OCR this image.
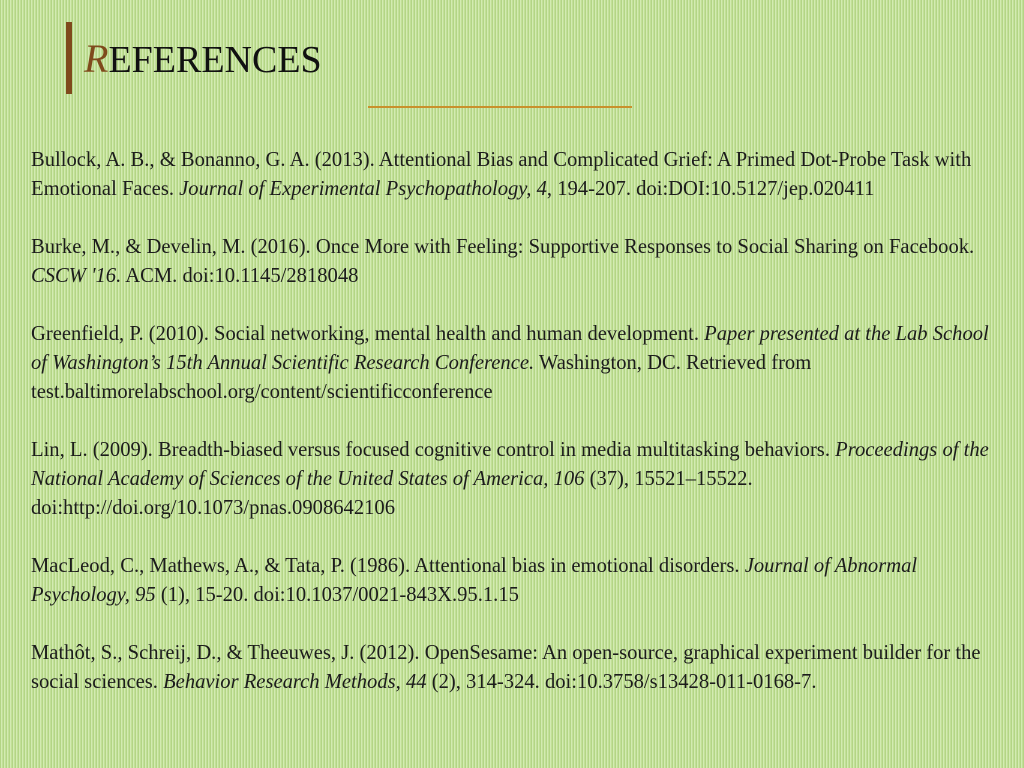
REFERENCES

Bullock, A. B., & Bonanno, G. A. (2013). Attentional Bias and Complicated Grief: A Primed Dot-Probe Task with Emotional Faces. Journal of Experimental Psychopathology, 4, 194-207. doi:DOI:10.5127/jep.020411

Burke, M., & Develin, M. (2016). Once More with Feeling: Supportive Responses to Social Sharing on Facebook. CSCW '16. ACM. doi:10.1145/2818048

Greenfield, P. (2010). Social networking, mental health and human development. Paper presented at the Lab School of Washington’s 15th Annual Scientific Research Conference. Washington, DC. Retrieved from test.baltimorelabschool.org/content/scientificconference

Lin, L. (2009). Breadth-biased versus focused cognitive control in media multitasking behaviors. Proceedings of the National Academy of Sciences of the United States of America, 106 (37), 15521–15522. doi:http://doi.org/10.1073/pnas.0908642106

MacLeod, C., Mathews, A., & Tata, P. (1986). Attentional bias in emotional disorders. Journal of Abnormal Psychology, 95 (1), 15-20. doi:10.1037/0021-843X.95.1.15

Mathôt, S., Schreij, D., & Theeuwes, J. (2012). OpenSesame: An open-source, graphical experiment builder for the social sciences. Behavior Research Methods, 44 (2), 314-324. doi:10.3758/s13428-011-0168-7.
